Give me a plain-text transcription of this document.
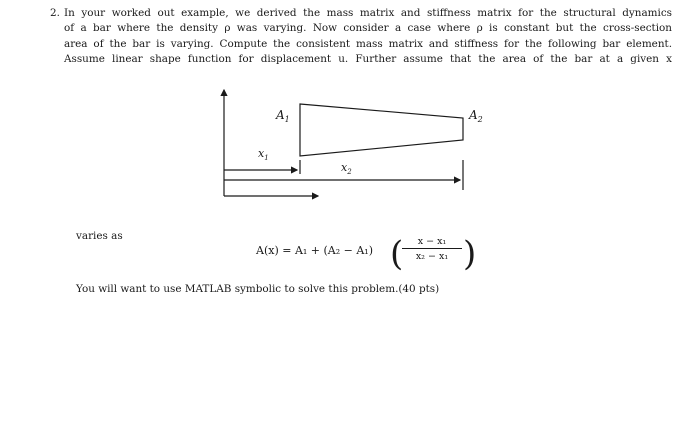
2. In your worked out example, we derived the mass matrix and stiffness matrix for the structural dynamics
of a bar where the density ρ was varying. Now consider a case where ρ is constant but the cross-section
area of the bar is varying. Compute the consistent mass matrix and stiffness for the following bar element.
Assume linear shape function for displacement u. Further assume that the area of the bar at a given x
$A_1$	$A_2$
$x_1$
$x_2$
varies as
A(x) = A₁ + (A₂ − A₁) (
$\frac{\text{x − x₁}}{\text{x₂ − x₁}}$ )
You will want to use MATLAB symbolic to solve this problem.(40 pts)
